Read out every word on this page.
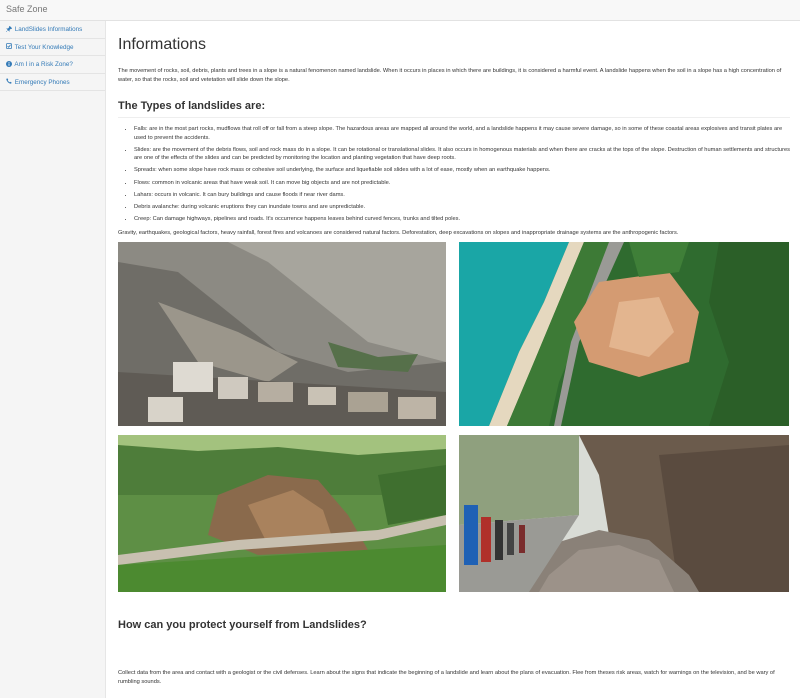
Safe Zone
LandSlides Informations
Test Your Knowledge
Am I in a Risk Zone?
Emergency Phones
Informations
The movement of rocks, soil, debris, plants and trees in a slope is a natural fenomenon named landslide. When it occurs in places in which there are buildings, it is considered a harmful event. A landslide happens when the soil in a slope has a high concentration of water, so that the rocks, soil and vetetation will slide down the slope.
The Types of landslides are:
• Falls: are in the most part rocks, mudflows that roll off or fall from a steep slope. The hazardous areas are mapped all around the world, and a landslide happens it may cause severe damage, so in some of these coastal areas explosives and transit plates are used to prevent the accidents.
• Slides: are the movement of the debris flows, soil and rock mass do in a slope. It can be rotational or translational slides. It also occurs in homogenous materials and when there are cracks at the tops of the slope. Destruction of human settlements and structures are one of the effects of the slides and can be predicted by monitoring the location and planting vegetation that have deep roots.
• Spreads: when some slope have rock mass or cohesive soil underlying, the surface and liquefiable soil slides with a lot of ease, mostly when an earthquake happens.
• Flows: common in volcanic areas that have weak soil. It can move big objects and are not predictable.
• Lahars: occurs in volcanic. It can bury buildings and cause floods if near river dams.
• Debris avalanche: during volcanic eruptions they can inundate towns and are unpredictable.
• Creep: Can damage highways, pipelines and roads. It's occurrence happens leaves behind curved fences, trunks and tilted poles.
Gravity, earthquakes, geological factors, heavy rainfall, forest fires and volcanoes are considered natural factors. Deforestation, deep excavations on slopes and inappropriate drainage systems are the anthropogenic factors.
How can you protect yourself from Landslides?
Collect data from the area and contact with a geologist or the civil defenses. Learn about the signs that indicate the beginning of a landslide and learn about the plans of evacuation. Flee from theses risk areas, watch for warnings on the television, and be wary of rumbling sounds.
